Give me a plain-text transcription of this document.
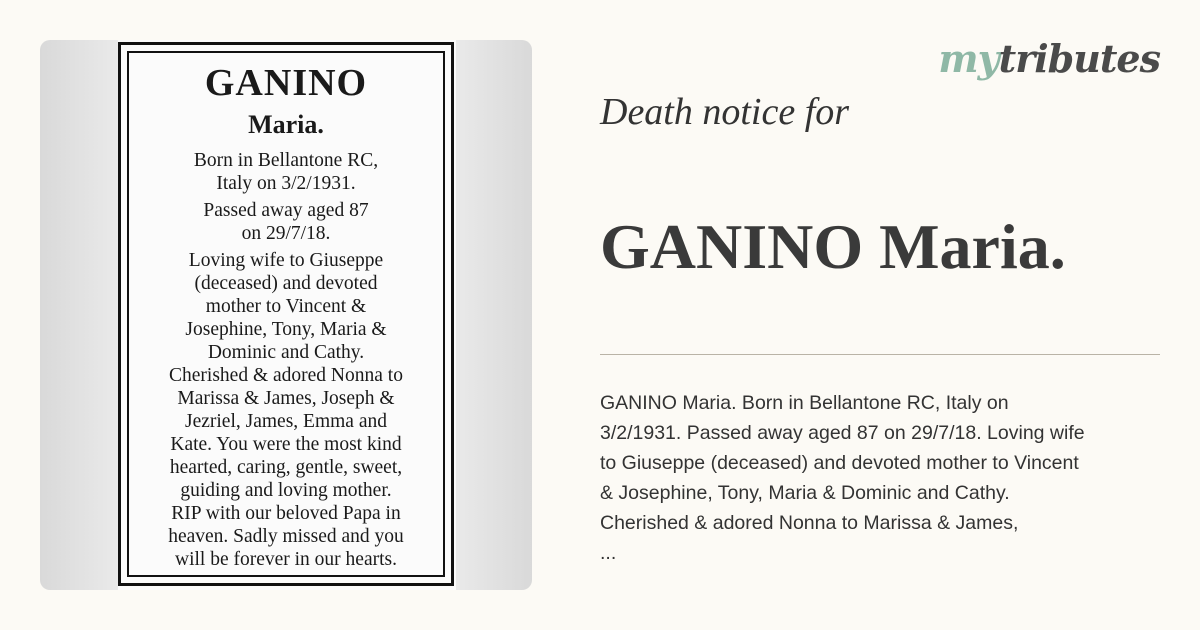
GANINO
Maria.
Born in Bellantone RC,
Italy on 3/2/1931.
Passed away aged 87
on 29/7/18.
Loving wife to Giuseppe
(deceased) and devoted
mother to Vincent &
Josephine, Tony, Maria &
Dominic and Cathy.
Cherished & adored Nonna to
Marissa & James, Joseph &
Jezriel, James, Emma and
Kate. You were the most kind
hearted, caring, gentle, sweet,
guiding and loving mother.
RIP with our beloved Papa in
heaven. Sadly missed and you
will be forever in our hearts.
mytributes
Death notice for
GANINO Maria.
GANINO Maria. Born in Bellantone RC, Italy on
3/2/1931. Passed away aged 87 on 29/7/18. Loving wife
to Giuseppe (deceased) and devoted mother to Vincent
& Josephine, Tony, Maria & Dominic and Cathy.
Cherished & adored Nonna to Marissa & James,
...
